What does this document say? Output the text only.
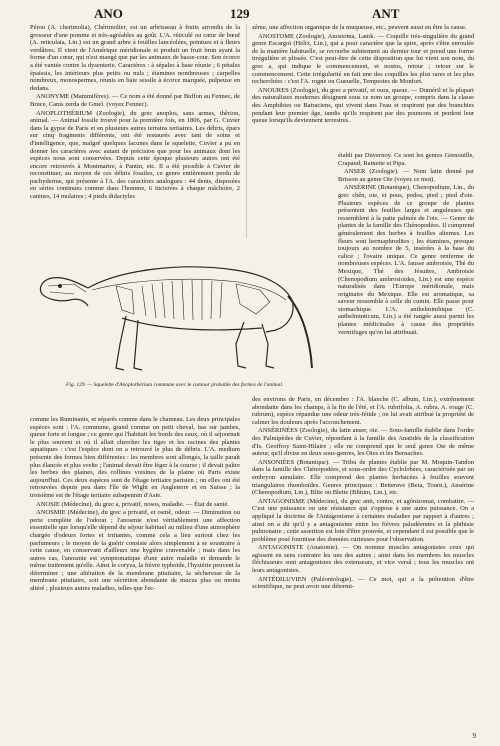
ANO	129	ANT

Pérou (A. cherimolia), Chérimolier, est un arbrisseau à fruits arrondis de la grosseur d'une pomme et très-agréables au goût. L'A. réticulé ou cœur de bœuf (A. reticulata, Lin.) est un grand arbre à feuilles lancéolées, pointues et à fleurs verdâtres. Il vient de l'Amérique méridionale et produit un fruit brun ayant la forme d'un cœur, qui n'est mangé que par les animaux de basse-cour. Son écorce a été vantée contre la dysenterie. Caractères : à sépales à base réunie ; 6 pétales épaissis, les intérieurs plus petits ou nuls ; étamines nombreuses ; carpelles nombreux, monospermes, réunis en baie sessile à écorce marquée, pulpeuse en dedans.

ANONYME (Mammifères). — Ce nom a été donné par Buffon au Fennec, de Bruce, Canis zerda de Gmel. (voyez Fennec).

ANOPLOTHÉRIUM (Zoologie), du grec anoplos, sans armes, thêrion, animal. — Animal fossile trouvé pour la première fois, en 1806, par G. Cuvier dans la gypse de Paris et en plusieurs autres terrains tertiaires. Les débris, épars sur cinq fragments différents, ont été restaurés avec tant de soins et d'intelligence, que, malgré quelques lacunes dans le squelette, Cuvier a pu en donner les caractères avec autant de précision que pour les animaux dont les espèces nous sont conservées. Depuis cette époque plusieurs autres ont été encore retrouvés à Montmartre, à Pantin, etc. Il a été possible à Cuvier de reconstituer, au moyen de ces débris fossiles, ce genre entièrement perdu de pachyderme, qui présente à l'A. des caractères analogues : 44 dents, disposées en séries continues comme dans l'homme, 6 incisives à chaque mâchoire, 2 canines, 14 molaires ; 4 pieds didactyles

zème, une affection organique de la muqueuse, etc., peuvent aussi en être la cause.

ANOSTOME (Zoologie), Anostoma, Lamk. — Coquille très-singulière du grand genre Escargot (Helix, Lin.), qui a pour caractère que la spire, après s'être enroulée de la manière habituelle, se recourbe subitement au dernier tour et prend une forme irrégulière et plissée. C'est peut-être de cette disposition que lui vient son nom, du grec a, qui indique le commencement, et nostos, retour ; retour sur le commencement. Cette irrégularité en fait une des coquilles les plus rares et les plus recherchées : c'est l'A. rogne ou Gueuelle, Tempestes de Monfort.

ANOURES (Zoologie), du grec a privatif, et oura, queue. — Duméril et la plupart des naturalistes modernes désignent sous ce nom un groupe, compris dans la classe des Amphibies ou Batraciens, qui vivent dans l'eau et respirent par des branchies pendant leur premier âge, tandis qu'ils respirent par des poumons et perdent leur queue lorsqu'ils deviennent terrestres.

établi par Duvernoy. Ce sont les genres Grenouille, Crapaud, Rainette et Pipa.

ANSER (Zoologie). — Nom latin donné par Brisson au genre Oie (voyez ce mot).

ANSÉRINE (Botanique), Chenopodium, Lin., du grec chên, oie, et pous, podos, pied ; pied d'oie. Plusieurs espèces de ce groupe de plantes présentent des feuilles larges et anguleuses qui ressemblent à la patte palmée de l'oie. — Genre de plantes de la famille des Chénopodées. Il comprend généralement des herbes à feuilles alternes. Les fleurs sont hermaphrodites ; les étamines, presque toujours au nombre de 5, insérées à la base du calice ; l'ovaire unique. Ce genre renferme de nombreuses espèces. L'A. fausse ambroisie, Thé du Mexique, Thé des Jésuites, Ambroisie (Chenopodium ambrosioides, Lin.) est une espèce naturalisée dans l'Europe méridionale, mais originaire du Mexique. Elle est aromatique, sa saveur ressemble à celle du cumin. Elle passe pour stomachique. L'A. anthelminthique (C. anthelminticum, Lin.) a été rangée aussi parmi les plantes médicinales à cause des propriétés vermifuges qu'on lui attribuait.

Fig. 129. — Squelette d'Anoplothérium commune avec le contour probable des formes de l'animal.

comme les Ruminants, et séparés comme dans le chameau. Les deux principales espèces sont : l'A. commune, grand comme un petit cheval, bas sur jambes, queue forte et longue ; ce genre qui l'habitait les bords des eaux, où il séjournait le plus souvent et où il allait chercher les tiges et les racines des plantes aquatiques : c'est l'espèce dont on a retrouvé le plus de débris. L'A. medium présente des formes bien différentes : les membres sont allongés, la taille paraît plus élancée et plus svelte ; l'animal devait être léger à la course ; il devait paître les herbes des plaines, des collines voisines de la plaine où Paris existe aujourd'hui. Ces deux espèces sont de l'étage tertiaire parisien ; on elles ont été retrouvées depuis peu dans l'île de Wight en Angleterre et en Suisse ; la troisième est de l'étage tertiaire subapennin d'Asie.

ANOSIE (Médecine), du grec a, privatif, nosos, maladie. — État de santé.

ANOSMIE (Médecine), du grec a privatif, et osmê, odeur. — Diminution ou perte complète de l'odorat ; l'anosmie n'est véritablement une affection essentielle que lorsqu'elle dépend du séjour habituel au milieu d'une atmosphère chargée d'odeurs fortes et irritantes, comme cela a lieu surtout chez les parfumeurs ; le moyen de la guérir consiste alors simplement à se soustraire à cette cause, en conservant d'ailleurs une hygiène convenable ; mais dans les autres cas, l'anosmie est symptomatique d'une autre maladie et demande le même traitement qu'elle. Ainsi le coryza, la fièvre typhoïde, l'hystérie peuvent la déterminer ; une altération de la membrane pituitaire, la sécheresse de la membrane pituitaire, soit une sécrétion abondante de mucus plus ou moins altéré ; plusieurs autres maladies, telles que l'ec-

des environs de Paris, en décembre : l'A. blanche (C. album, Lin.), extrêmement abondante dans les champs, à la fin de l'été, et l'A. rubrifolia, A. rubra, A. rouge (C. rubrum), espèce répandue une odeur très-fétide ; on lui avait attribué la propriété de calmer les douleurs après l'accouchement.

ANSÉRINÉES (Zoologie), du latin anser, oie. — Sous-famille établie dans l'ordre des Palmipèdes de Cuvier, répondant à la famille des Anatidés de la classification d'Is. Geoffroy Saint-Hilaire ; elle ne comprend que le seul genre Oie de même auteur, qu'il divise en deux sous-genres, les Oies et les Bernaches.

ANSONIÉES (Botanique). — Tribu de plantes établie par M. Moquin-Tandon dans la famille des Chénopodées, et sous-ordre des Cyclolobées, caractérisée par un embryon annulaire. Elle comprend des plantes herbacées à feuilles souvent triangulaires rhomboïdes. Genres principaux : Betterave (Beta, Tourn.), Ansérine (Chenopodium, Lin.), Blite ou Blette (Blitum, Lin.), etc.

ANTAGONISME (Médecine), du grec anti, contre, et agônizomai, combattre. — C'est une puissance ou une résistance qui s'oppose à une autre puissance. On a appliqué la doctrine de l'Antagonisme à certaines maladies par rapport à d'autres ; ainsi on a dit qu'il y a antagonisme entre les fièvres paludéennes et la phthisie pulmonaire ; cette assertion est loin d'être prouvée, et cependant il est possible que le problème posé fournisse des données curieuses pour l'observation.

ANTAGONISTE (Anatomie). — On nomme muscles antagonistes ceux qui agissent en sens contraire les uns des autres ; ainsi dans les membres les muscles fléchisseurs sont antagonistes des extenseurs, et vice versâ ; tous les muscles ont leurs antagonistes.

ANTÉDILUVIEN (Paléontologie). — Ce mot, qui a la prétention d'être scientifique, ne peut avoir une détermi-

9
